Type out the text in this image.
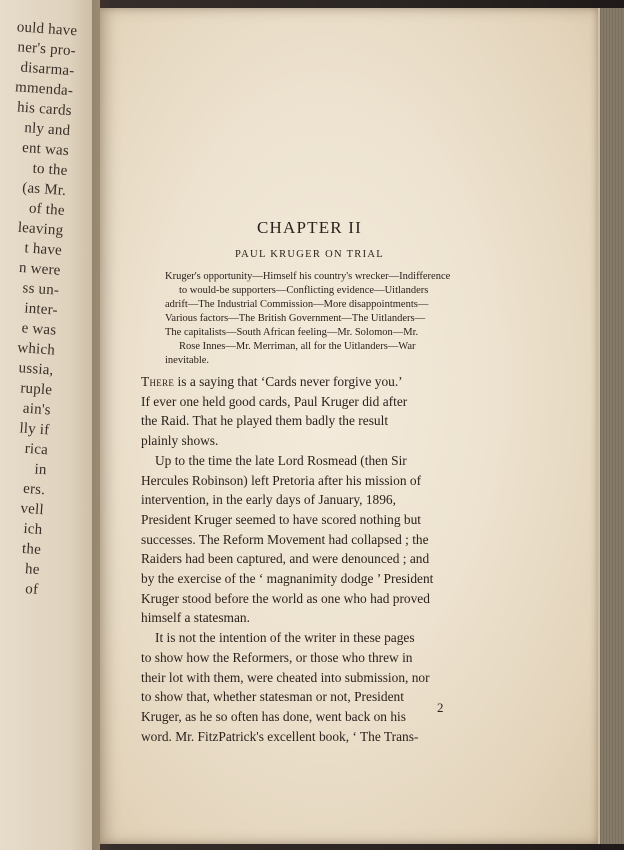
ould have
ner's pro-
disarma-
mmenda-
his cards
nly and
ent was
to the
(as Mr.
of the
leaving
t have
n were
ss un-
inter-
e was
which
ussia,
ruple
ain's
lly if
rica
in
ers.
vell
ich
the
he
of
CHAPTER II
PAUL KRUGER ON TRIAL
Kruger's opportunity—Himself his country's wrecker—Indifference
to would-be supporters—Conflicting evidence—Uitlanders
adrift—The Industrial Commission—More disappointments—
Various factors—The British Government—The Uitlanders—
The capitalists—South African feeling—Mr. Solomon—Mr.
Rose Innes—Mr. Merriman, all for the Uitlanders—War
inevitable.
There is a saying that ‘Cards never forgive you.’
If ever one held good cards, Paul Kruger did after
the Raid. That he played them badly the result
plainly shows.
Up to the time the late Lord Rosmead (then Sir
Hercules Robinson) left Pretoria after his mission of
intervention, in the early days of January, 1896,
President Kruger seemed to have scored nothing but
successes. The Reform Movement had collapsed ; the
Raiders had been captured, and were denounced ; and
by the exercise of the ‘ magnanimity dodge ’ President
Kruger stood before the world as one who had proved
himself a statesman.
It is not the intention of the writer in these pages
to show how the Reformers, or those who threw in
their lot with them, were cheated into submission, nor
to show that, whether statesman or not, President
Kruger, as he so often has done, went back on his
word. Mr. FitzPatrick's excellent book, ‘ The Trans-
2
